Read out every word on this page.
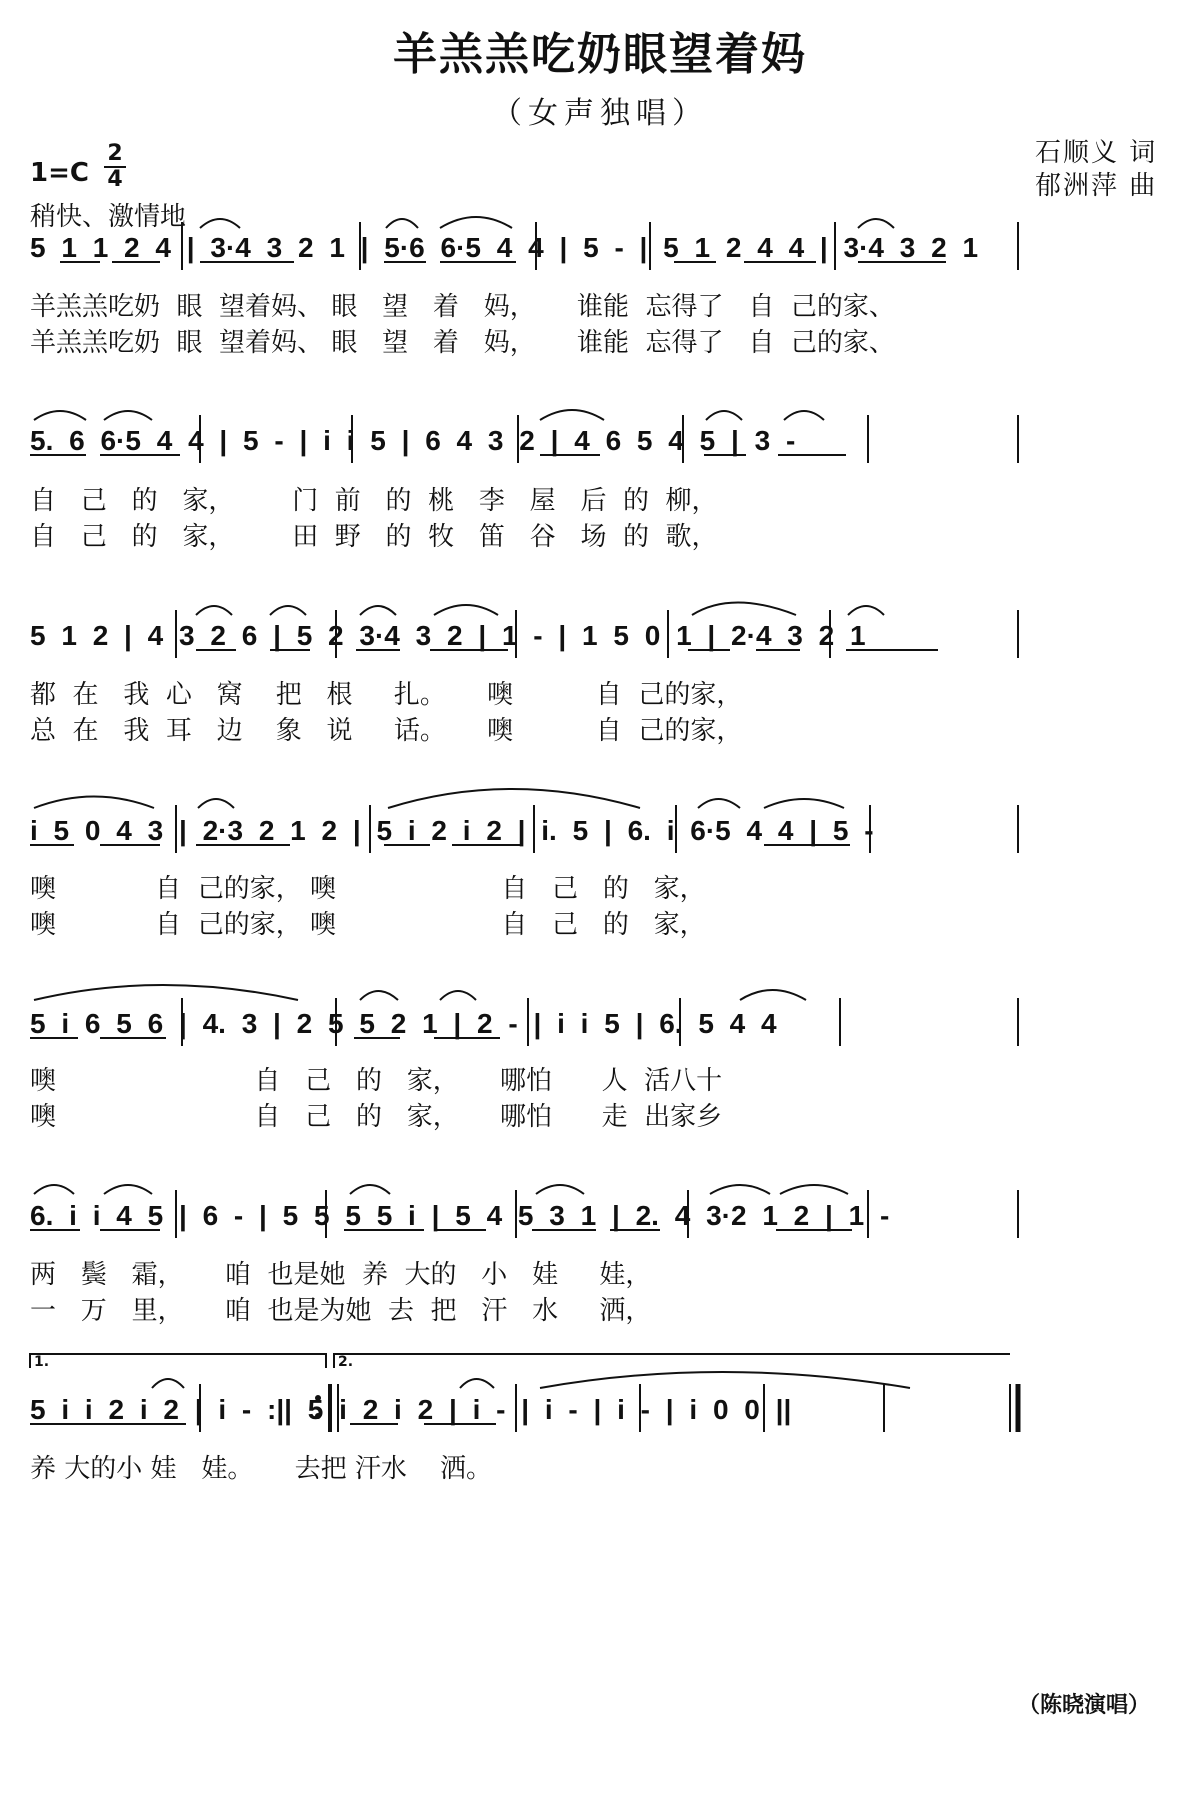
羊羔羔吃奶眼望着妈
（女声独唱）
1=C
2
4
稍快、激情地
石顺义 词
郁洲萍 曲
5 1 1 2 4 | 3·4 3 2 1 | 5·6 6·5 4 4 | 5 - | 5 1 2 4 4 | 3·4 3 2 1
羊羔羔吃奶  眼  望着妈、 眼   望   着   妈，     谁能  忘得了   自  己的家、
羊羔羔吃奶  眼  望着妈、 眼   望   着   妈，     谁能  忘得了   自  己的家、
5. 6 6·5 4 4 | 5 - | i i 5 | 6 4 3 2 | 4 6 5 4 5 | 3 -
自   己   的   家，       门  前   的  桃   李   屋   后  的  柳，
自   己   的   家，       田  野   的  牧   笛   谷   场  的  歌，
5 1 2 | 4 3 2 6 | 5 2 3·4 3 2 | 1 - | 1 5 0 1 | 2·4 3 2 1
都  在   我  心   窝    把   根     扎。     噢          自  己的家，
总  在   我  耳   边    象   说     话。     噢          自  己的家，
i 5 0 4 3 | 2·3 2 1 2 | 5 i 2 i 2 | i. 5 | 6. i 6·5 4 4 | 5 -
噢            自  己的家， 噢                    自   己   的   家，
噢            自  己的家， 噢                    自   己   的   家，
5 i 6 5 6 | 4. 3 | 2 5 5 2 1 | 2 - | i i 5 | 6. 5 4 4
噢                        自   己   的   家，     哪怕      人  活八十
噢                        自   己   的   家，     哪怕      走  出家乡
6. i i 4 5 | 6 - | 5 5 5 5 i | 5 4 5 3 1 | 2. 4 3·2 1 2 | 1 -
两   鬓   霜，     咱  也是她  养  大的   小   娃     娃，
一   万   里，     咱  也是为她  去  把   汗   水     洒，
1.	2.
5 i i 2 i 2 | i - :|| 5 i 2 i 2 | i - | i - | i - | i 0 0 ||
养 大的小 娃   娃。     去把 汗水    洒。
（陈晓演唱）
